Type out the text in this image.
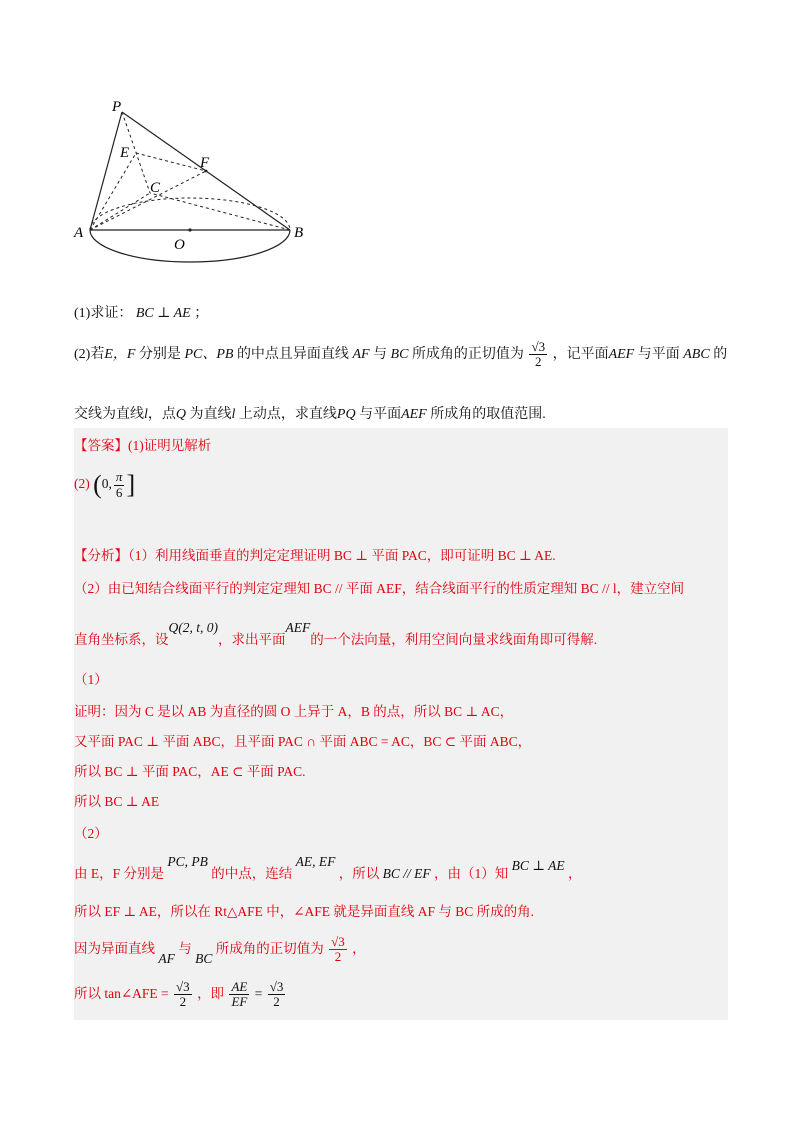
P
E
F
C
A
O
B
(1)求证： BC ⊥ AE ；
(2)若E，F 分别是 PC、PB 的中点且异面直线 AF 与 BC 所成角的正切值为 $\frac{√3}{2}$ ，记平面AEF 与平面 ABC 的
交线为直线l，点Q 为直线l 上动点，求直线PQ 与平面AEF 所成角的取值范围.
【答案】(1)证明见解析
(2) (0, $\frac{\pi}{6}$ ]
【分析】（1）利用线面垂直的判定定理证明 BC ⊥ 平面 PAC，即可证明 BC ⊥ AE.
（2）由已知结合线面平行的判定定理知 BC // 平面 AEF，结合线面平行的性质定理知 BC // l，建立空间
直角坐标系，设Q(2, t, 0)，求出平面AEF的一个法向量，利用空间向量求线面角即可得解.
（1）
证明：因为 C 是以 AB 为直径的圆 O 上异于 A，B 的点，所以 BC ⊥ AC，
又平面 PAC ⊥ 平面 ABC，且平面 PAC ∩ 平面 ABC = AC，BC ⊂ 平面 ABC，
所以 BC ⊥ 平面 PAC，AE ⊂ 平面 PAC.
所以 BC ⊥ AE
（2）
由 E，F 分别是 PC, PB 的中点，连结 AE, EF ，所以 BC // EF ，由（1）知 BC ⊥ AE ，
所以 EF ⊥ AE，所以在 Rt△AFE 中，∠AFE 就是异面直线 AF 与 BC 所成的角.
因为异面直线 AF 与 BC 所成角的正切值为 $\frac{√3}{2}$ ，
所以 tan∠AFE = $\frac{√3}{2}$ ，即 $\frac{AE}{EF} = \frac{√3}{2}$
